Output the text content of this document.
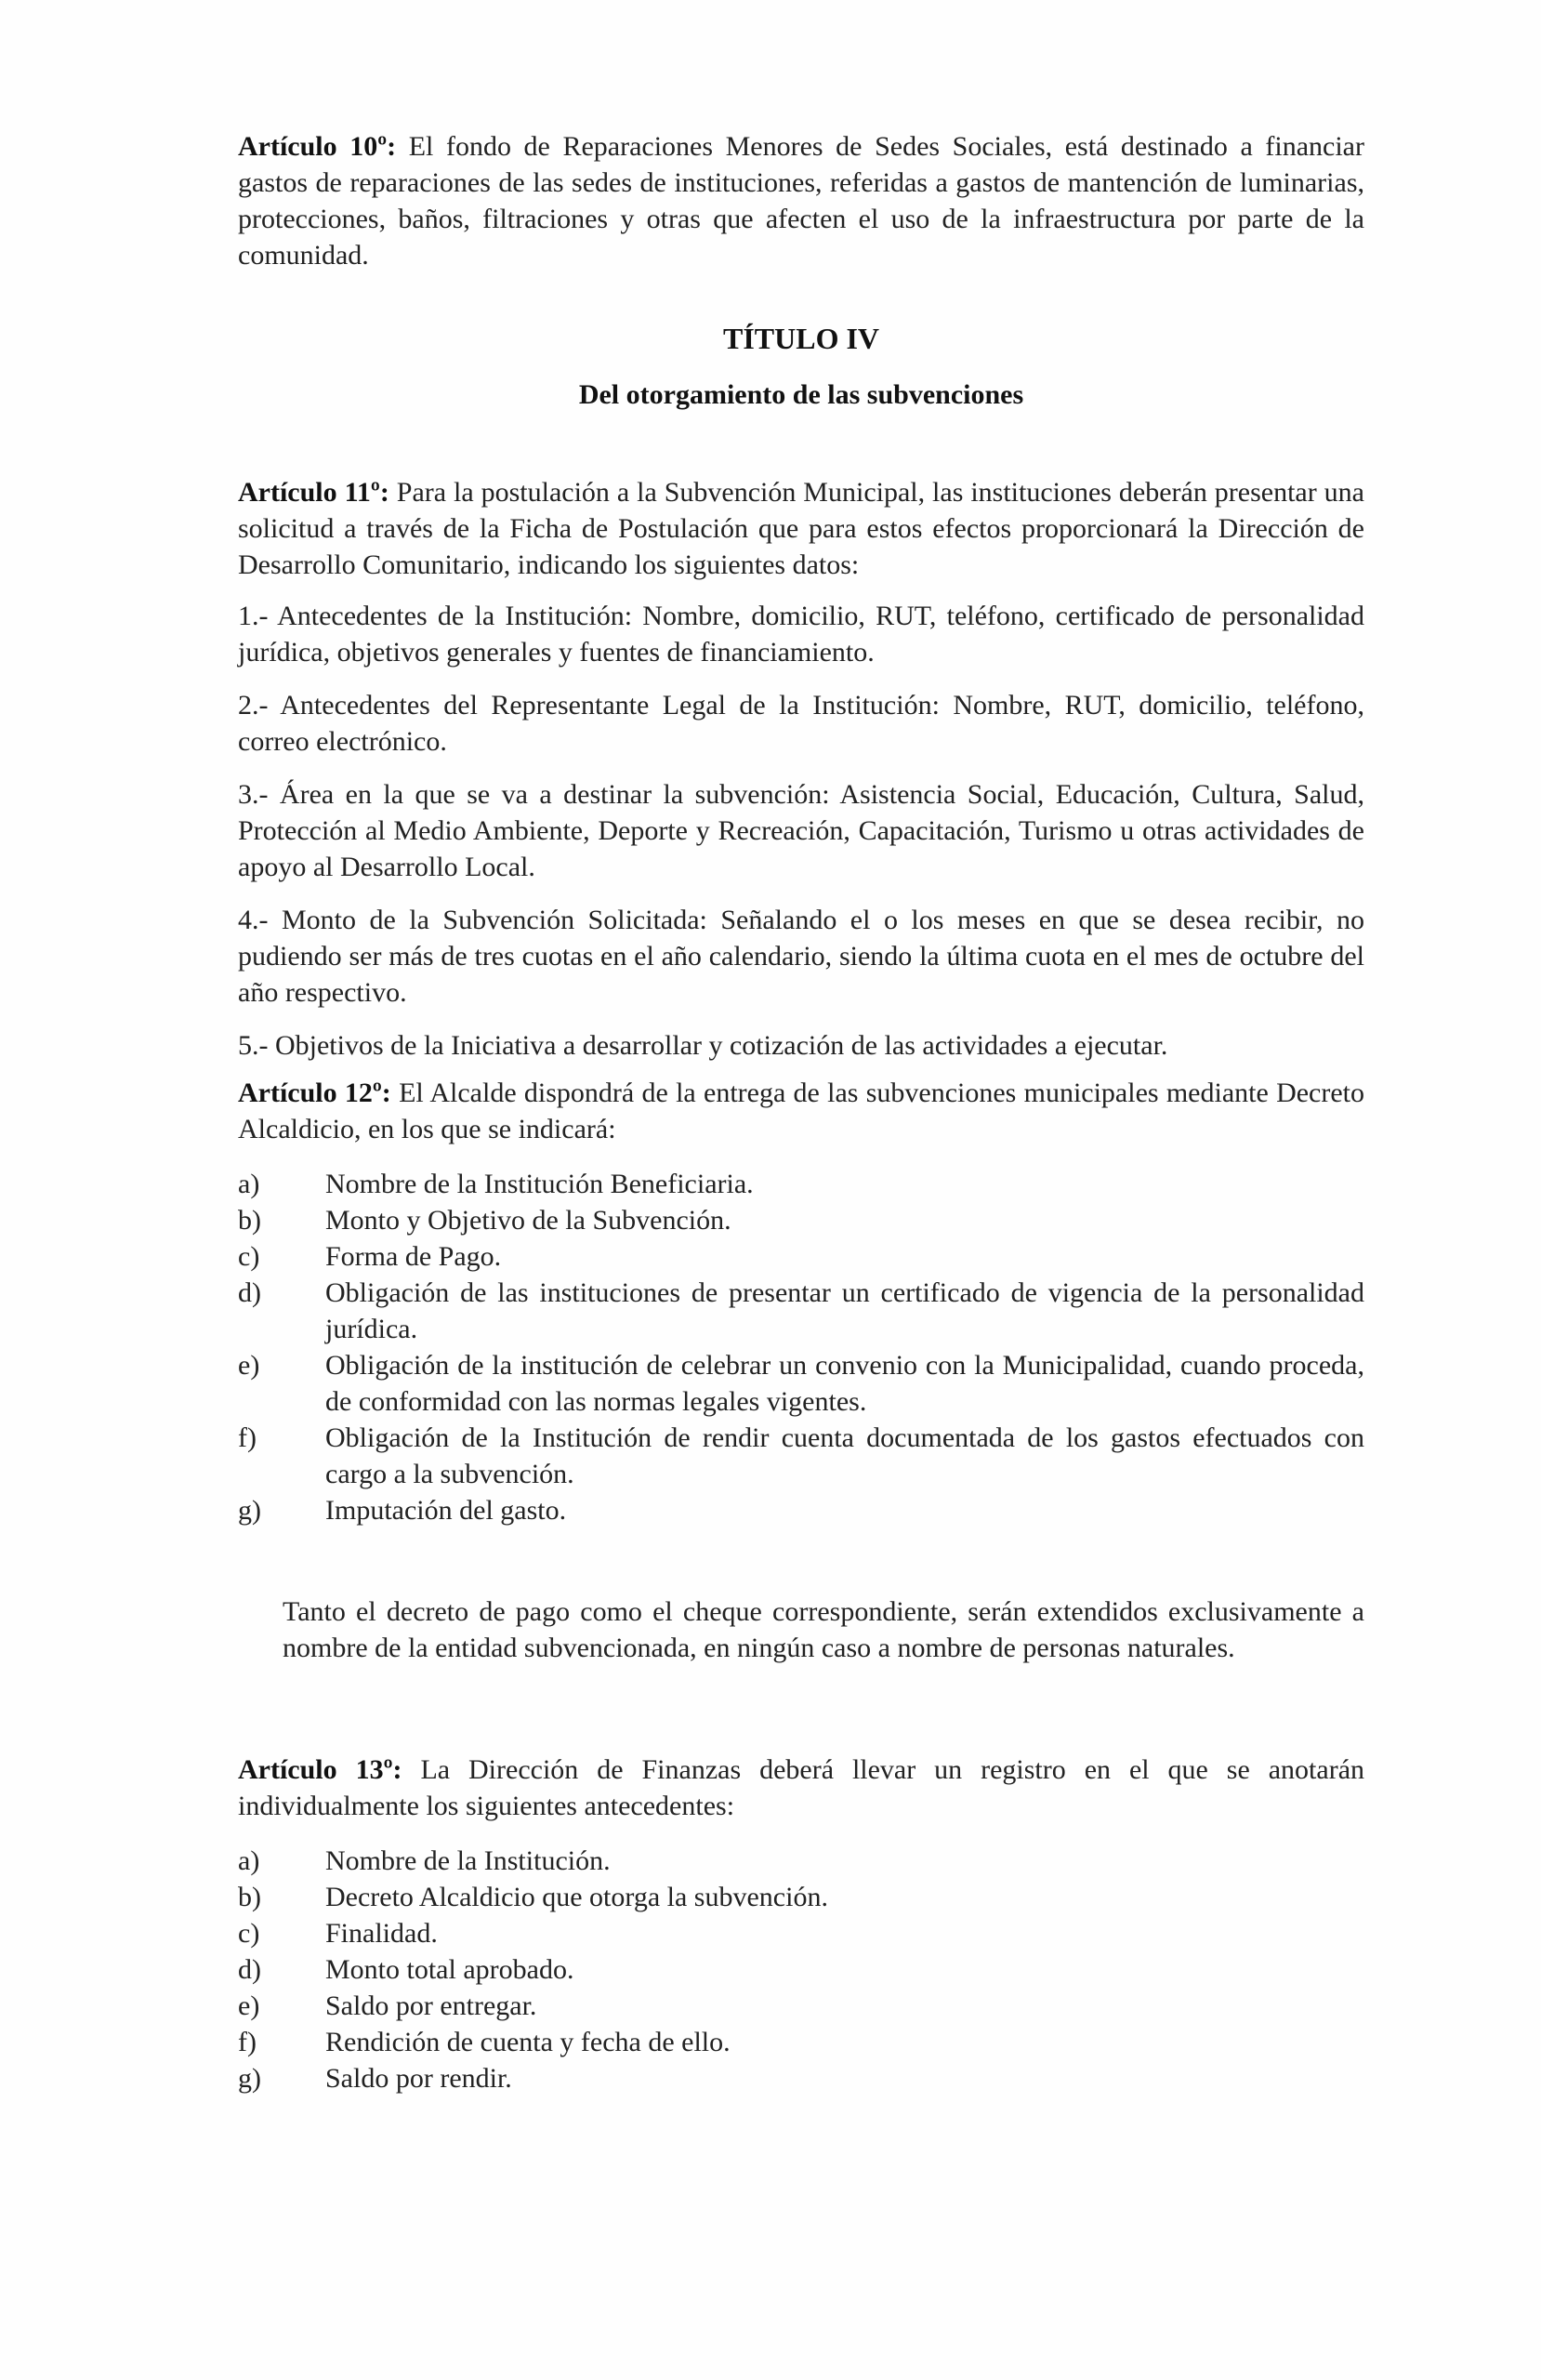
Artículo 10º: El fondo de Reparaciones Menores de Sedes Sociales, está destinado a financiar gastos de reparaciones de las sedes de instituciones, referidas a gastos de mantención de luminarias, protecciones, baños, filtraciones y otras que afecten el uso de la infraestructura por parte de la comunidad.

TÍTULO IV
Del otorgamiento de las subvenciones

Artículo 11º: Para la postulación a la Subvención Municipal, las instituciones deberán presentar una solicitud a través de la Ficha de Postulación que para estos efectos proporcionará la Dirección de Desarrollo Comunitario, indicando los siguientes datos:

1.- Antecedentes de la Institución: Nombre, domicilio, RUT, teléfono, certificado de personalidad jurídica, objetivos generales y fuentes de financiamiento.

2.- Antecedentes del Representante Legal de la Institución: Nombre, RUT, domicilio, teléfono, correo electrónico.

3.- Área en la que se va a destinar la subvención: Asistencia Social, Educación, Cultura, Salud, Protección al Medio Ambiente, Deporte y Recreación, Capacitación, Turismo u otras actividades de apoyo al Desarrollo Local.

4.- Monto de la Subvención Solicitada: Señalando el o los meses en que se desea recibir, no pudiendo ser más de tres cuotas en el año calendario, siendo la última cuota en el mes de octubre del año respectivo.

5.- Objetivos de la Iniciativa a desarrollar y cotización de las actividades a ejecutar.

Artículo 12º: El Alcalde dispondrá de la entrega de las subvenciones municipales mediante Decreto Alcaldicio, en los que se indicará:

a)	Nombre de la Institución Beneficiaria.
b)	Monto y Objetivo de la Subvención.
c)	Forma de Pago.
d)	Obligación de las instituciones de presentar un certificado de vigencia de la personalidad jurídica.
e)	Obligación de la institución de celebrar un convenio con la Municipalidad, cuando proceda, de conformidad con las normas legales vigentes.
f)	Obligación de la Institución de rendir cuenta documentada de los gastos efectuados con cargo a la subvención.
g)	Imputación del gasto.

Tanto el decreto de pago como el cheque correspondiente, serán extendidos exclusivamente a nombre de la entidad subvencionada, en ningún caso a nombre de personas naturales.

Artículo 13º: La Dirección de Finanzas deberá llevar un registro en el que se anotarán individualmente los siguientes antecedentes:

a)	Nombre de la Institución.
b)	Decreto Alcaldicio que otorga la subvención.
c)	Finalidad.
d)	Monto total aprobado.
e)	Saldo por entregar.
f)	Rendición de cuenta y fecha de ello.
g)	Saldo por rendir.
